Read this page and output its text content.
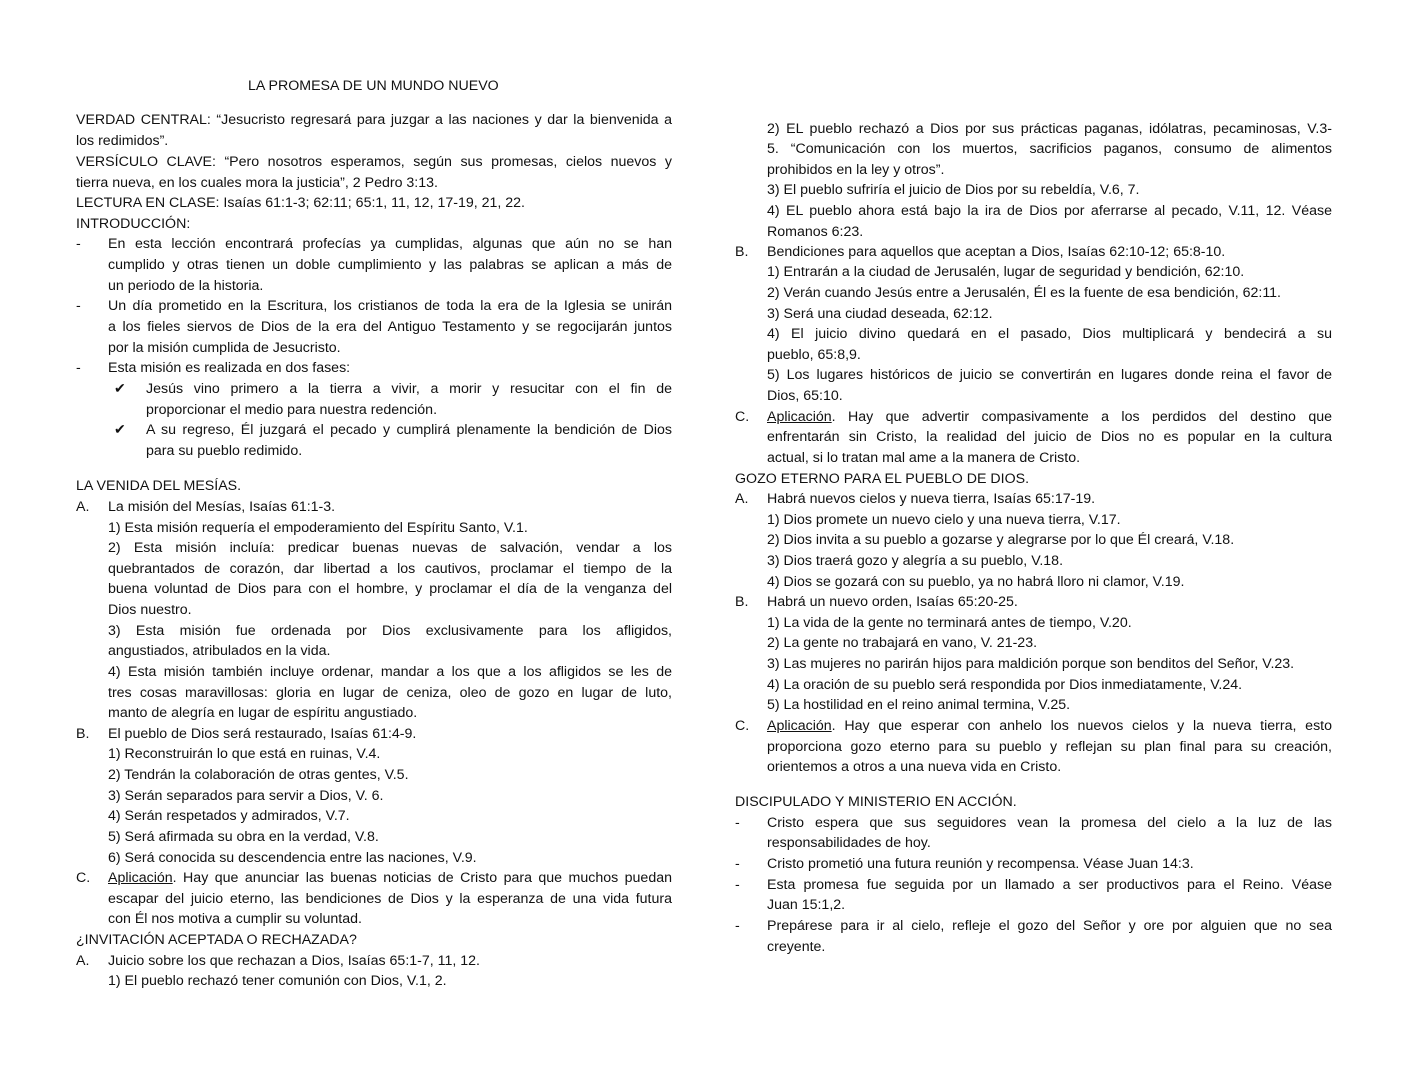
LA PROMESA DE UN MUNDO NUEVO
VERDAD CENTRAL: “Jesucristo regresará para juzgar a las naciones y dar la bienvenida a
los redimidos”.
VERSÍCULO CLAVE: “Pero nosotros esperamos, según sus promesas, cielos nuevos y
tierra nueva, en los cuales mora la justicia”, 2 Pedro 3:13.
LECTURA EN CLASE: Isaías 61:1-3; 62:11; 65:1, 11, 12, 17-19, 21, 22.
INTRODUCCIÓN:
- En esta lección encontrará profecías ya cumplidas, algunas que aún no se han
cumplido y otras tienen un doble cumplimiento y las palabras se aplican a más de
un periodo de la historia.
- Un día prometido en la Escritura, los cristianos de toda la era de la Iglesia se unirán
a los fieles siervos de Dios de la era del Antiguo Testamento y se regocijarán juntos
por la misión cumplida de Jesucristo.
- Esta misión es realizada en dos fases:
✔ Jesús vino primero a la tierra a vivir, a morir y resucitar con el fin de
proporcionar el medio para nuestra redención.
✔ A su regreso, Él juzgará el pecado y cumplirá plenamente la bendición de Dios
para su pueblo redimido.
LA VENIDA DEL MESÍAS.
A. La misión del Mesías, Isaías 61:1-3.
1) Esta misión requería el empoderamiento del Espíritu Santo, V.1.
2) Esta misión incluía: predicar buenas nuevas de salvación, vendar a los
quebrantados de corazón, dar libertad a los cautivos, proclamar el tiempo de la
buena voluntad de Dios para con el hombre, y proclamar el día de la venganza del
Dios nuestro.
3) Esta misión fue ordenada por Dios exclusivamente para los afligidos,
angustiados, atribulados en la vida.
4) Esta misión también incluye ordenar, mandar a los que a los afligidos se les de
tres cosas maravillosas: gloria en lugar de ceniza, oleo de gozo en lugar de luto,
manto de alegría en lugar de espíritu angustiado.
B. El pueblo de Dios será restaurado, Isaías 61:4-9.
1) Reconstruirán lo que está en ruinas, V.4.
2) Tendrán la colaboración de otras gentes, V.5.
3) Serán separados para servir a Dios, V. 6.
4) Serán respetados y admirados, V.7.
5) Será afirmada su obra en la verdad, V.8.
6) Será conocida su descendencia entre las naciones, V.9.
C. Aplicación. Hay que anunciar las buenas noticias de Cristo para que muchos puedan
escapar del juicio eterno, las bendiciones de Dios y la esperanza de una vida futura
con Él nos motiva a cumplir su voluntad.
¿INVITACIÓN ACEPTADA O RECHAZADA?
A. Juicio sobre los que rechazan a Dios, Isaías 65:1-7, 11, 12.
1) El pueblo rechazó tener comunión con Dios, V.1, 2.
2) EL pueblo rechazó a Dios por sus prácticas paganas, idólatras, pecaminosas, V.3-
5. “Comunicación con los muertos, sacrificios paganos, consumo de alimentos
prohibidos en la ley y otros”.
3) El pueblo sufriría el juicio de Dios por su rebeldía, V.6, 7.
4) EL pueblo ahora está bajo la ira de Dios por aferrarse al pecado, V.11, 12. Véase
Romanos 6:23.
B. Bendiciones para aquellos que aceptan a Dios, Isaías 62:10-12; 65:8-10.
1) Entrarán a la ciudad de Jerusalén, lugar de seguridad y bendición, 62:10.
2) Verán cuando Jesús entre a Jerusalén, Él es la fuente de esa bendición, 62:11.
3) Será una ciudad deseada, 62:12.
4) El juicio divino quedará en el pasado, Dios multiplicará y bendecirá a su
pueblo, 65:8,9.
5) Los lugares históricos de juicio se convertirán en lugares donde reina el favor de
Dios, 65:10.
C. Aplicación. Hay que advertir compasivamente a los perdidos del destino que
enfrentarán sin Cristo, la realidad del juicio de Dios no es popular en la cultura
actual, si lo tratan mal ame a la manera de Cristo.
GOZO ETERNO PARA EL PUEBLO DE DIOS.
A. Habrá nuevos cielos y nueva tierra, Isaías 65:17-19.
1) Dios promete un nuevo cielo y una nueva tierra, V.17.
2) Dios invita a su pueblo a gozarse y alegrarse por lo que Él creará, V.18.
3) Dios traerá gozo y alegría a su pueblo, V.18.
4) Dios se gozará con su pueblo, ya no habrá lloro ni clamor, V.19.
B. Habrá un nuevo orden, Isaías 65:20-25.
1) La vida de la gente no terminará antes de tiempo, V.20.
2) La gente no trabajará en vano, V. 21-23.
3) Las mujeres no parirán hijos para maldición porque son benditos del Señor, V.23.
4) La oración de su pueblo será respondida por Dios inmediatamente, V.24.
5) La hostilidad en el reino animal termina, V.25.
C. Aplicación. Hay que esperar con anhelo los nuevos cielos y la nueva tierra, esto
proporciona gozo eterno para su pueblo y reflejan su plan final para su creación,
orientemos a otros a una nueva vida en Cristo.
DISCIPULADO Y MINISTERIO EN ACCIÓN.
- Cristo espera que sus seguidores vean la promesa del cielo a la luz de las
responsabilidades de hoy.
- Cristo prometió una futura reunión y recompensa. Véase Juan 14:3.
- Esta promesa fue seguida por un llamado a ser productivos para el Reino. Véase
Juan 15:1,2.
- Prepárese para ir al cielo, refleje el gozo del Señor y ore por alguien que no sea
creyente.
